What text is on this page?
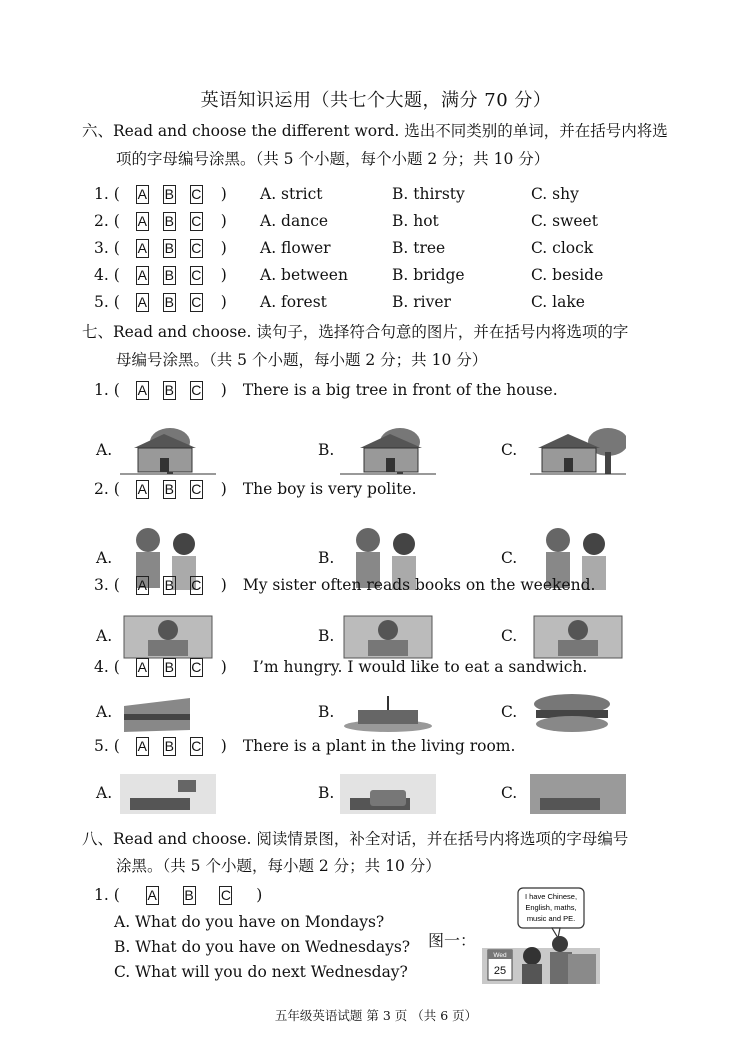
英语知识运用（共七个大题，满分 70 分）
六、Read and choose the different word. 选出不同类别的单词，并在括号内将选
项的字母编号涂黑。（共 5 个小题，每个小题 2 分；共 10 分）
1. ( A B C ) A. strict	B. thirsty	C. shy
2. ( A B C ) A. dance	B. hot	C. sweet
3. ( A B C ) A. flower	B. tree	C. clock
4. ( A B C ) A. between	B. bridge	C. beside
5. ( A B C ) A. forest	B. river	C. lake
七、Read and choose. 读句子，选择符合句意的图片，并在括号内将选项的字
母编号涂黑。（共 5 个小题，每小题 2 分；共 10 分）
1. ( A B C ) There is a big tree in front of the house.
A.	B.	C.
2. ( A B C ) The boy is very polite.
A.	B.	C.
3. ( A B C ) My sister often reads books on the weekend.
A.	B.	C.
4. ( A B C ) I’m hungry. I would like to eat a sandwich.
A.	B.	C.
5. ( A B C ) There is a plant in the living room.
A.	B.	C.
八、Read and choose. 阅读情景图，补全对话，并在括号内将选项的字母编号
涂黑。（共 5 个小题，每小题 2 分；共 10 分）
1. ( A B C )
A. What do you have on Mondays?
B. What do you have on Wednesdays?
C. What will you do next Wednesday?
图一：
I have Chinese,
English, maths,
music and PE.
Wed
25
五年级英语试题 第 3 页 （共 6 页）
